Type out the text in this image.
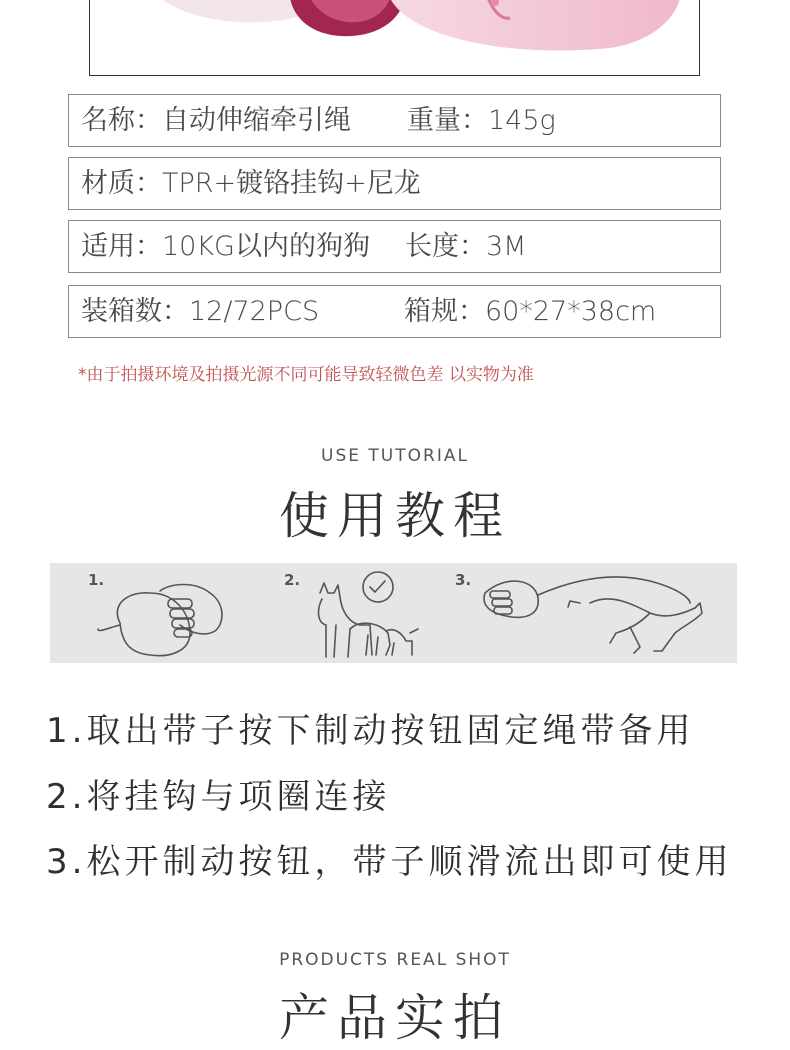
名称：自动伸缩牵引绳 重量：145g
材质：TPR+镀铬挂钩+尼龙
适用：10KG以内的狗狗 长度：3M
装箱数：12/72PCS	箱规：60*27*38cm
*由于拍摄环境及拍摄光源不同可能导致轻微色差 以实物为准
USE TUTORIAL
使用教程
1.	2.	3.
1.取出带子按下制动按钮固定绳带备用
2.将挂钩与项圈连接
3.松开制动按钮，带子顺滑流出即可使用
PRODUCTS REAL SHOT
产品实拍
